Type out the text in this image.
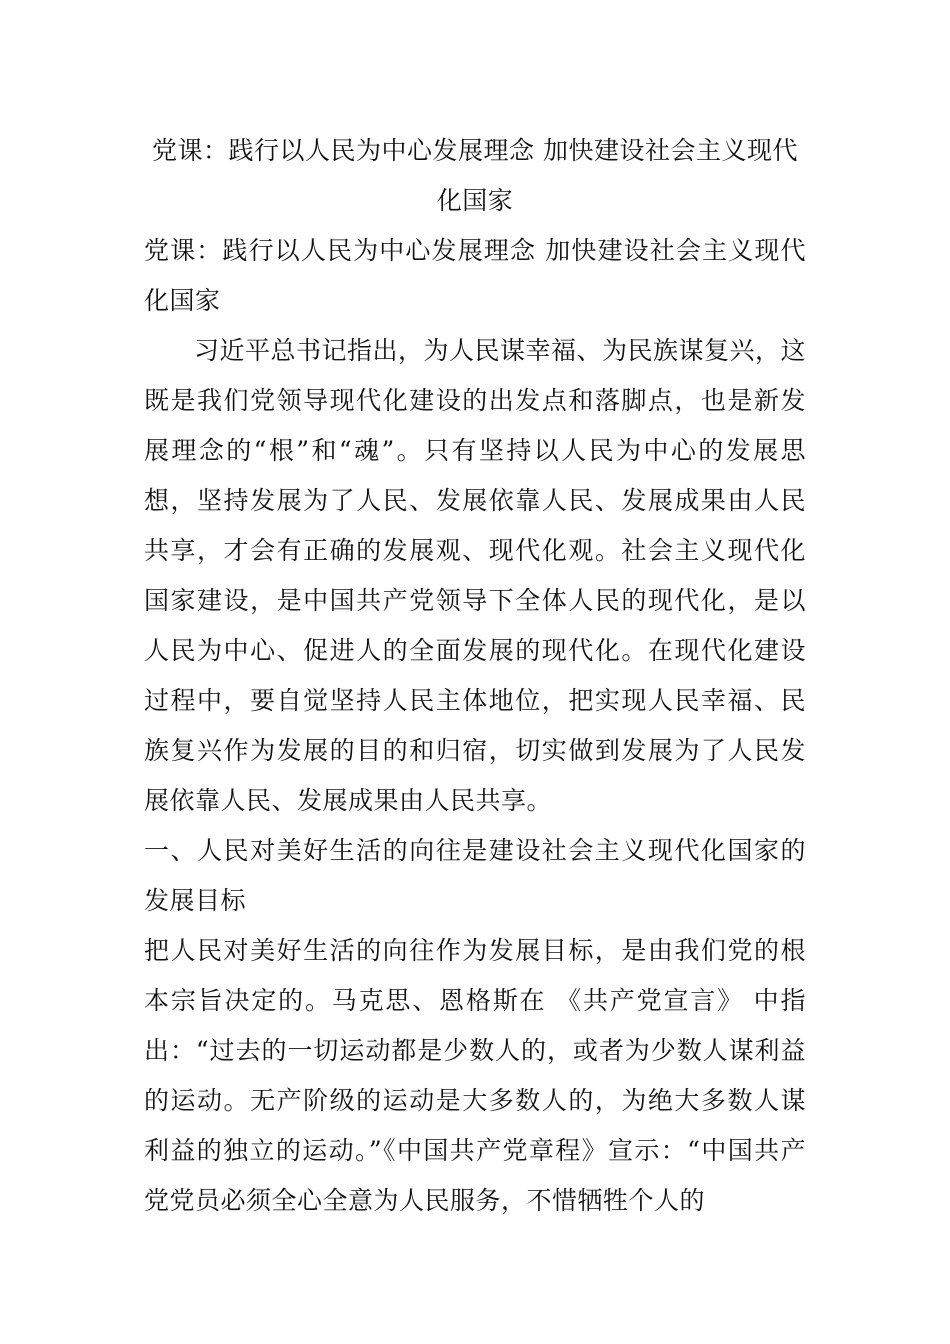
党课：践行以人民为中心发展理念 加快建设社会主义现代化国家

党课：践行以人民为中心发展理念 加快建设社会主义现代化国家

习近平总书记指出，为人民谋幸福、为民族谋复兴，这既是我们党领导现代化建设的出发点和落脚点，也是新发展理念的“根”和“魂”。只有坚持以人民为中心的发展思想，坚持发展为了人民、发展依靠人民、发展成果由人民共享，才会有正确的发展观、现代化观。社会主义现代化国家建设，是中国共产党领导下全体人民的现代化，是以人民为中心、促进人的全面发展的现代化。在现代化建设过程中，要自觉坚持人民主体地位，把实现人民幸福、民族复兴作为发展的目的和归宿，切实做到发展为了人民发展依靠人民、发展成果由人民共享。

一、人民对美好生活的向往是建设社会主义现代化国家的发展目标

把人民对美好生活的向往作为发展目标，是由我们党的根本宗旨决定的。马克思、恩格斯在 《共产党宣言》 中指出：“过去的一切运动都是少数人的，或者为少数人谋利益的运动。无产阶级的运动是大多数人的，为绝大多数人谋利益的独立的运动。”《中国共产党章程》宣示：“中国共产党党员必须全心全意为人民服务，不惜牺牲个人的
